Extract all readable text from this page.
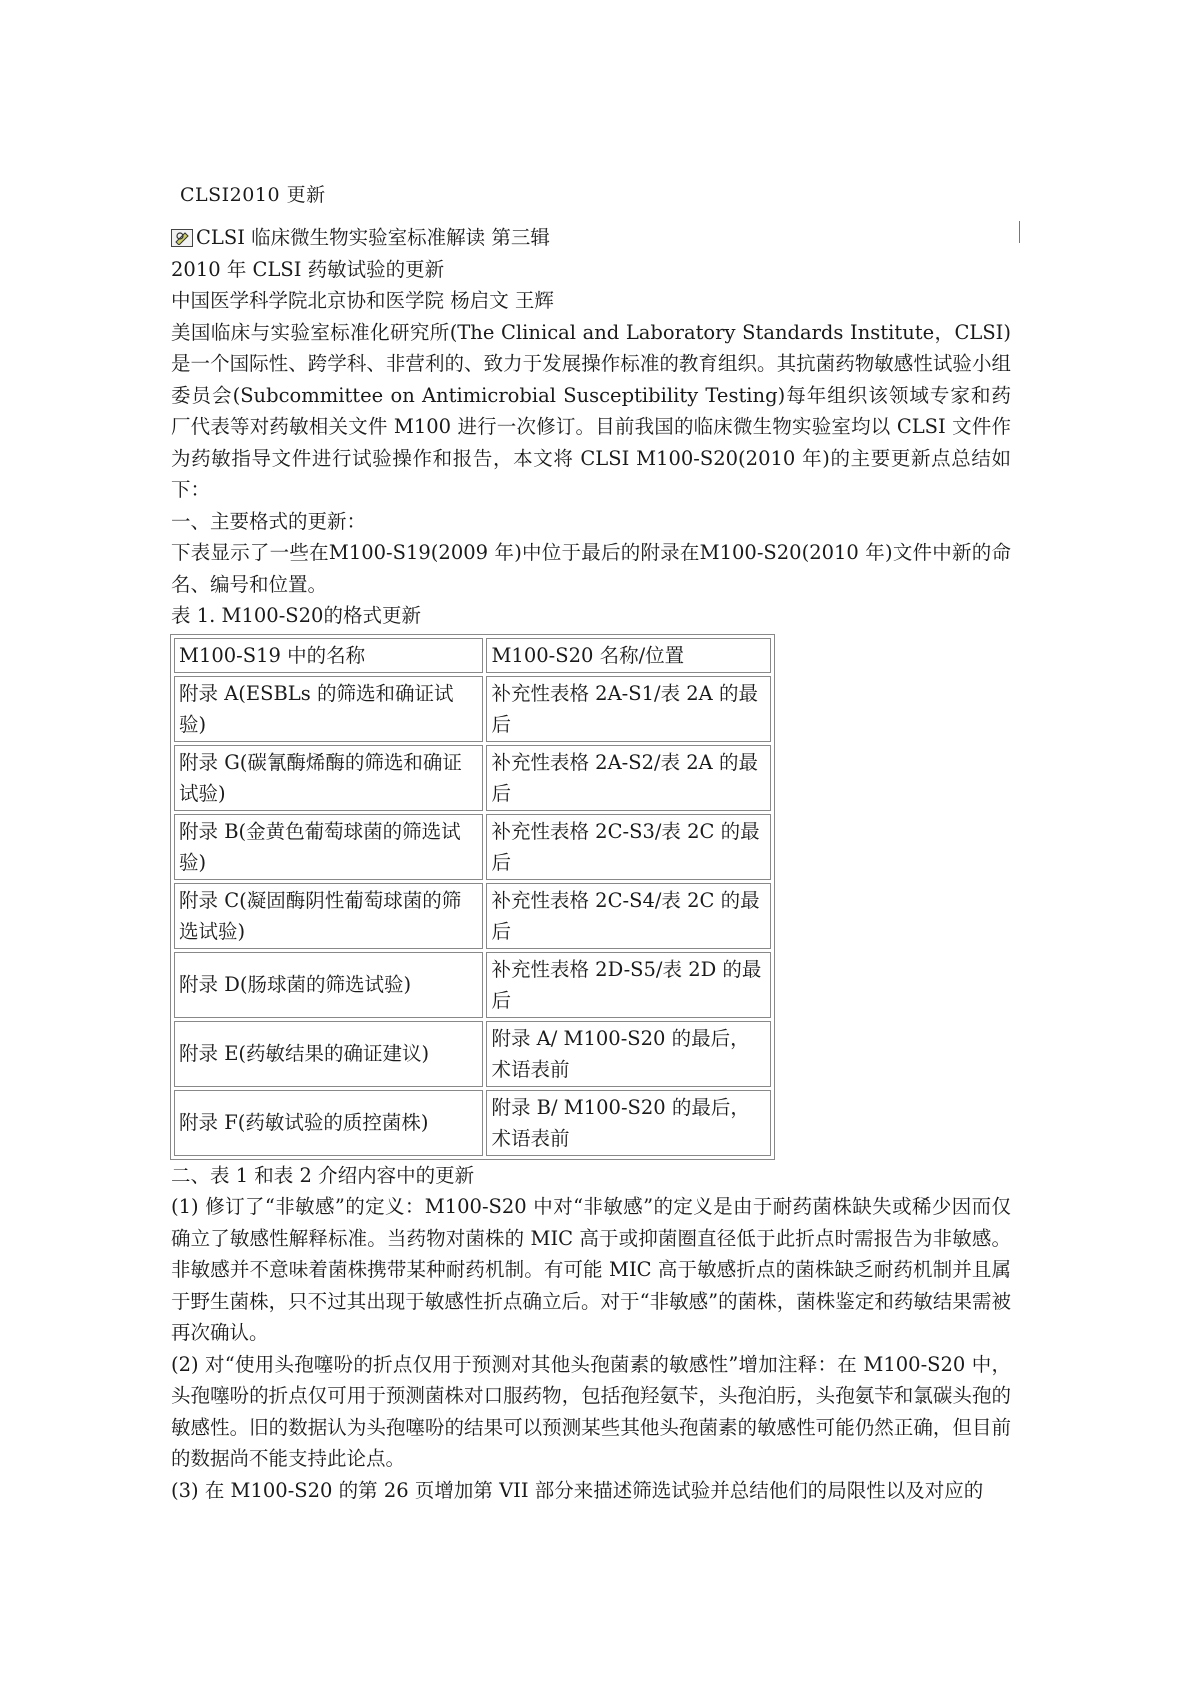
CLSI2010 更新
CLSI 临床微生物实验室标准解读 第三辑

2010 年 CLSI 药敏试验的更新

中国医学科学院北京协和医学院 杨启文 王辉

美国临床与实验室标准化研究所(The Clinical and Laboratory Standards Institute，CLSI)是一个国际性、跨学科、非营利的、致力于发展操作标准的教育组织。其抗菌药物敏感性试验小组委员会(Subcommittee on Antimicrobial Susceptibility Testing)每年组织该领域专家和药厂代表等对药敏相关文件 M100 进行一次修订。目前我国的临床微生物实验室均以 CLSI 文件作为药敏指导文件进行试验操作和报告，本文将 CLSI M100-S20(2010 年)的主要更新点总结如下：

一、主要格式的更新：

下表显示了一些在M100-S19(2009 年)中位于最后的附录在M100-S20(2010 年)文件中新的命名、编号和位置。

表 1. M100-S20的格式更新

M100-S19 中的名称	M100-S20 名称/位置
附录 A(ESBLs 的筛选和确证试验)	补充性表格 2A-S1/表 2A 的最后
附录 G(碳氰酶烯酶的筛选和确证试验)	补充性表格 2A-S2/表 2A 的最后
附录 B(金黄色葡萄球菌的筛选试验)	补充性表格 2C-S3/表 2C 的最后
附录 C(凝固酶阴性葡萄球菌的筛选试验)	补充性表格 2C-S4/表 2C 的最后
附录 D(肠球菌的筛选试验)	补充性表格 2D-S5/表 2D 的最后
附录 E(药敏结果的确证建议)	附录 A/ M100-S20 的最后，术语表前
附录 F(药敏试验的质控菌株)	附录 B/ M100-S20 的最后，术语表前

二、表 1 和表 2 介绍内容中的更新

(1) 修订了“非敏感”的定义：M100-S20 中对“非敏感”的定义是由于耐药菌株缺失或稀少因而仅确立了敏感性解释标准。当药物对菌株的 MIC 高于或抑菌圈直径低于此折点时需报告为非敏感。非敏感并不意味着菌株携带某种耐药机制。有可能 MIC 高于敏感折点的菌株缺乏耐药机制并且属于野生菌株，只不过其出现于敏感性折点确立后。对于“非敏感”的菌株，菌株鉴定和药敏结果需被再次确认。

(2) 对“使用头孢噻吩的折点仅用于预测对其他头孢菌素的敏感性”增加注释：在 M100-S20 中，头孢噻吩的折点仅可用于预测菌株对口服药物，包括孢羟氨苄，头孢泊肟，头孢氨苄和氯碳头孢的敏感性。旧的数据认为头孢噻吩的结果可以预测某些其他头孢菌素的敏感性可能仍然正确，但目前的数据尚不能支持此论点。

(3) 在 M100-S20 的第 26 页增加第 VII 部分来描述筛选试验并总结他们的局限性以及对应的
